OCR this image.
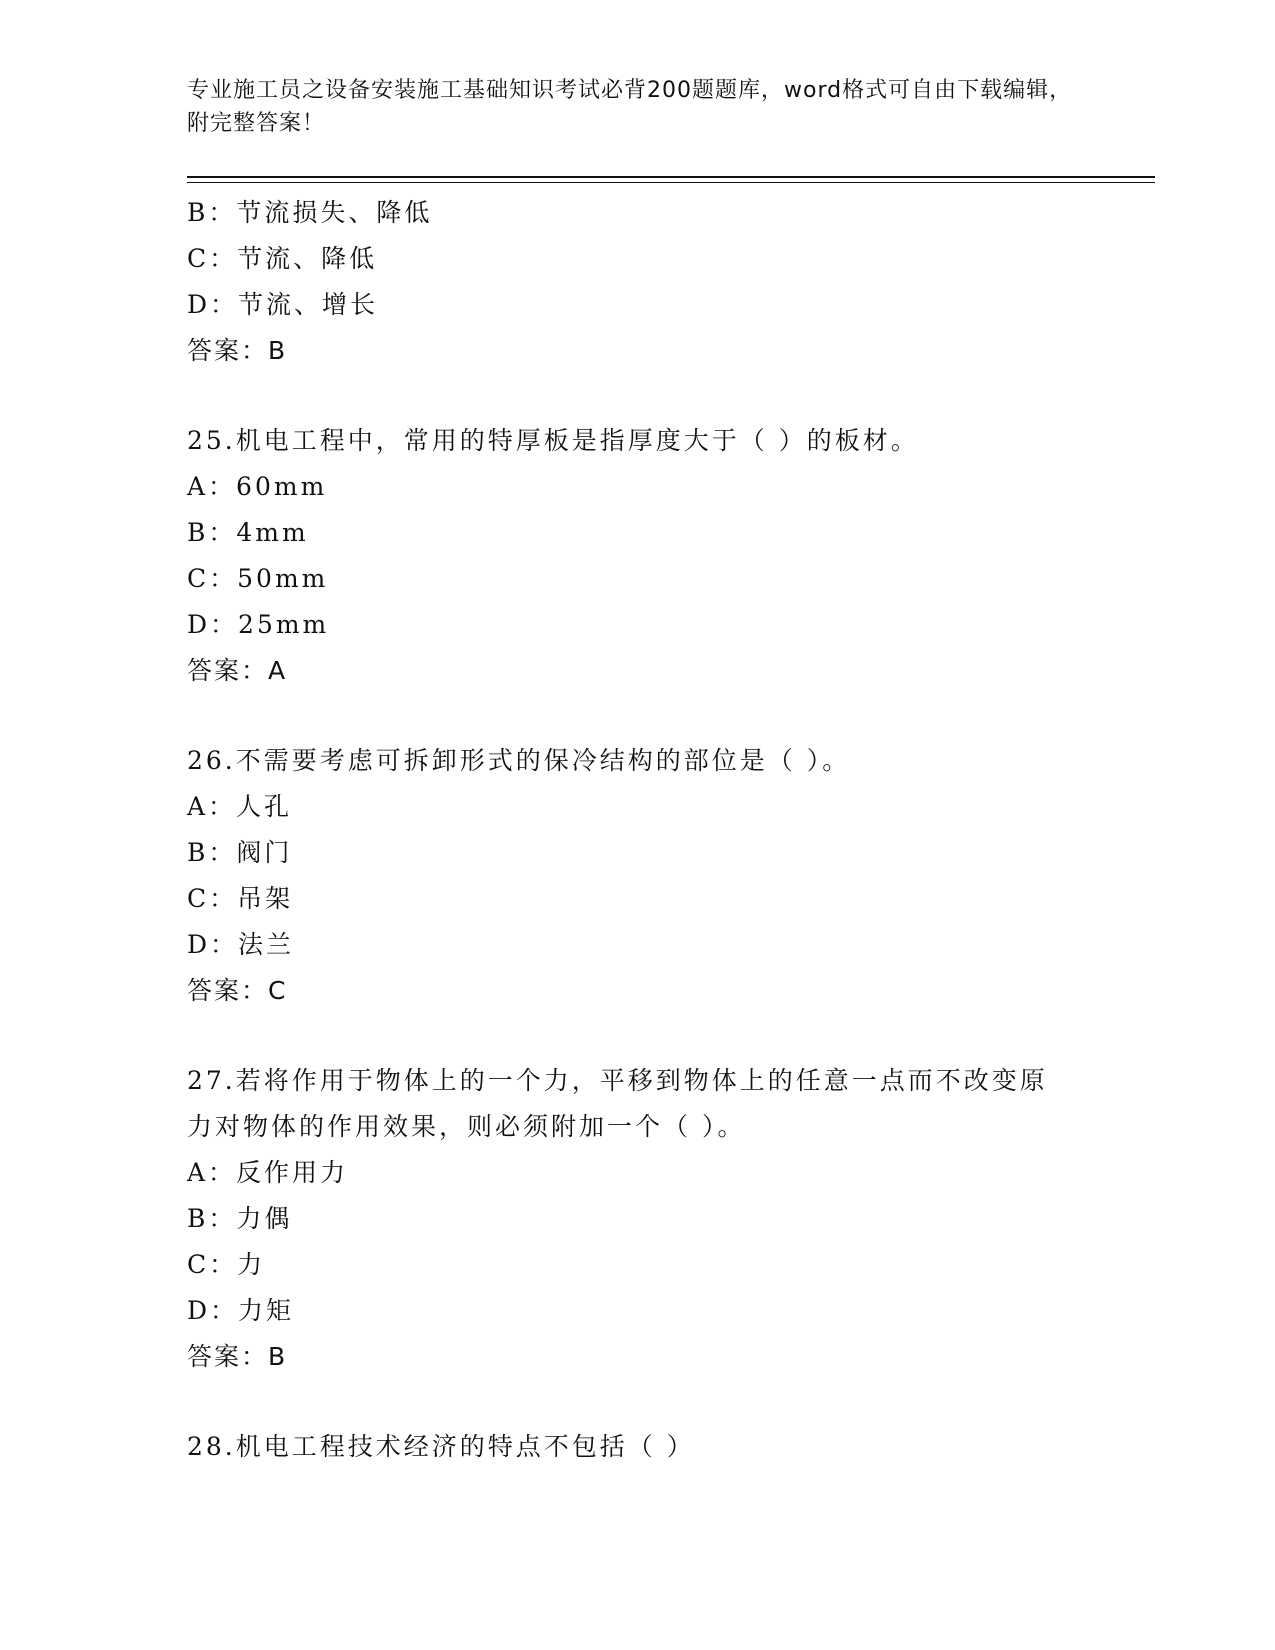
专业施工员之设备安装施工基础知识考试必背200题题库，word格式可自由下载编辑，附完整答案！
B：节流损失、降低
C：节流、降低
D：节流、增长
答案：B
25.机电工程中，常用的特厚板是指厚度大于（ ）的板材。
A：60mm
B：4mm
C：50mm
D：25mm
答案：A
26.不需要考虑可拆卸形式的保冷结构的部位是（ ）。
A：人孔
B：阀门
C：吊架
D：法兰
答案：C
27.若将作用于物体上的一个力，平移到物体上的任意一点而不改变原力对物体的作用效果，则必须附加一个（ ）。
A：反作用力
B：力偶
C：力
D：力矩
答案：B
28.机电工程技术经济的特点不包括（ ）
